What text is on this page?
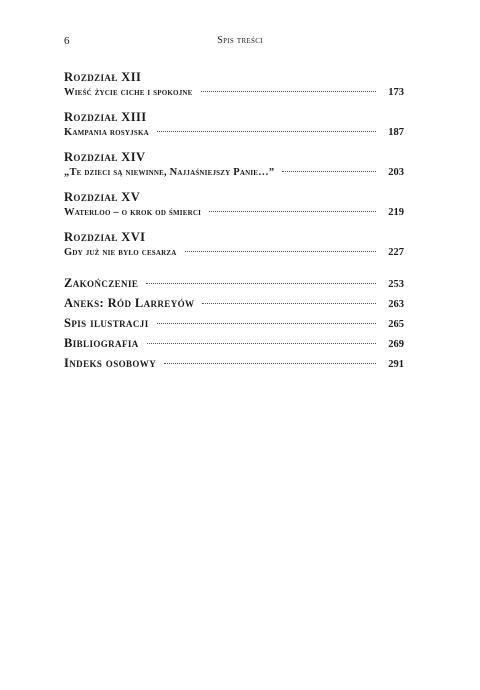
6	Spis treści
Rozdział XII
Wieść życie ciche i spokojne	173
Rozdział XIII
Kampania rosyjska	187
Rozdział XIV
„Te dzieci są niewinne, Najjaśniejszy Panie…”	203
Rozdział XV
Waterloo – o krok od śmierci	219
Rozdział XVI
Gdy już nie było cesarza	227
Zakończenie	253
Aneks: Ród Larreyów	263
Spis ilustracji	265
Bibliografia	269
Indeks osobowy	291
